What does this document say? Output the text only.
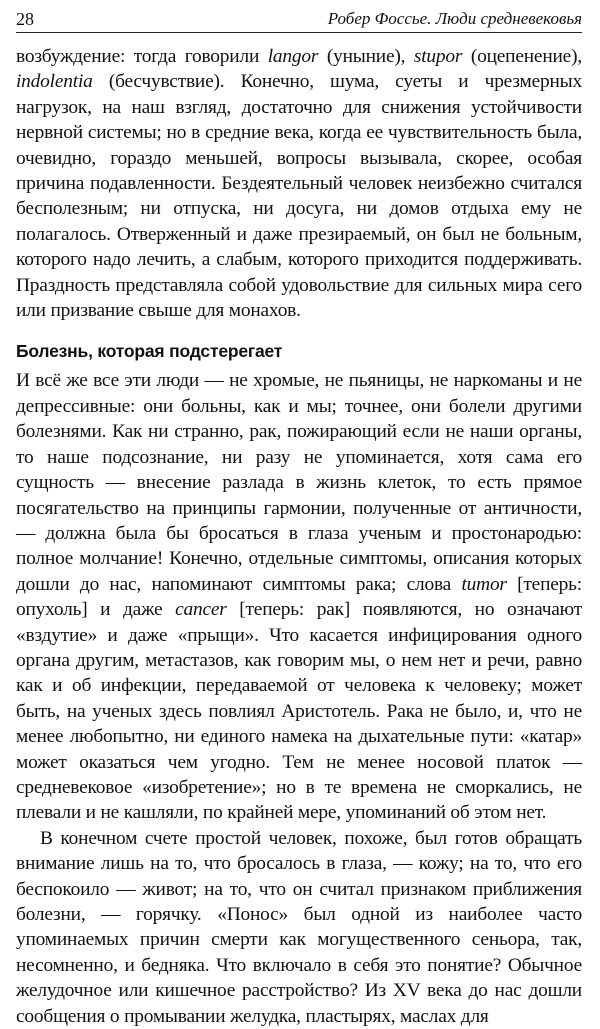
28	Робер Фоссье. Люди средневековья

возбуждение: тогда говорили langor (уныние), stupor (оцепенение), indolentia (бесчувствие). Конечно, шума, суеты и чрезмерных нагрузок, на наш взгляд, достаточно для снижения устойчивости нервной системы; но в средние века, когда ее чувствительность была, очевидно, гораздо меньшей, вопросы вызывала, скорее, особая причина подавленности. Бездеятельный человек неизбежно считался бесполезным; ни отпуска, ни досуга, ни домов отдыха ему не полагалось. Отверженный и даже презираемый, он был не больным, которого надо лечить, а слабым, которого приходится поддерживать. Праздность представляла собой удовольствие для сильных мира сего или призвание свыше для монахов.

Болезнь, которая подстерегает

И всё же все эти люди — не хромые, не пьяницы, не наркоманы и не депрессивные: они больны, как и мы; точнее, они болели другими болезнями. Как ни странно, рак, пожирающий если не наши органы, то наше подсознание, ни разу не упоминается, хотя сама его сущность — внесение разлада в жизнь клеток, то есть прямое посягательство на принципы гармонии, полученные от античности, — должна была бы бросаться в глаза ученым и простонародью: полное молчание! Конечно, отдельные симптомы, описания которых дошли до нас, напоминают симптомы рака; слова tumor [теперь: опухоль] и даже cancer [теперь: рак] появляются, но означают «вздутие» и даже «прыщи». Что касается инфицирования одного органа другим, метастазов, как говорим мы, о нем нет и речи, равно как и об инфекции, передаваемой от человека к человеку; может быть, на ученых здесь повлиял Аристотель. Рака не было, и, что не менее любопытно, ни единого намека на дыхательные пути: «катар» может оказаться чем угодно. Тем не менее носовой платок — средневековое «изобретение»; но в те времена не сморкались, не плевали и не кашляли, по крайней мере, упоминаний об этом нет.

В конечном счете простой человек, похоже, был готов обращать внимание лишь на то, что бросалось в глаза, — кожу; на то, что его беспокоило — живот; на то, что он считал признаком приближения болезни, — горячку. «Понос» был одной из наиболее часто упоминаемых причин смерти как могущественного сеньора, так, несомненно, и бедняка. Что включало в себя это понятие? Обычное желудочное или кишечное расстройство? Из XV века до нас дошли сообщения о промывании желудка, пластырях, маслах для
